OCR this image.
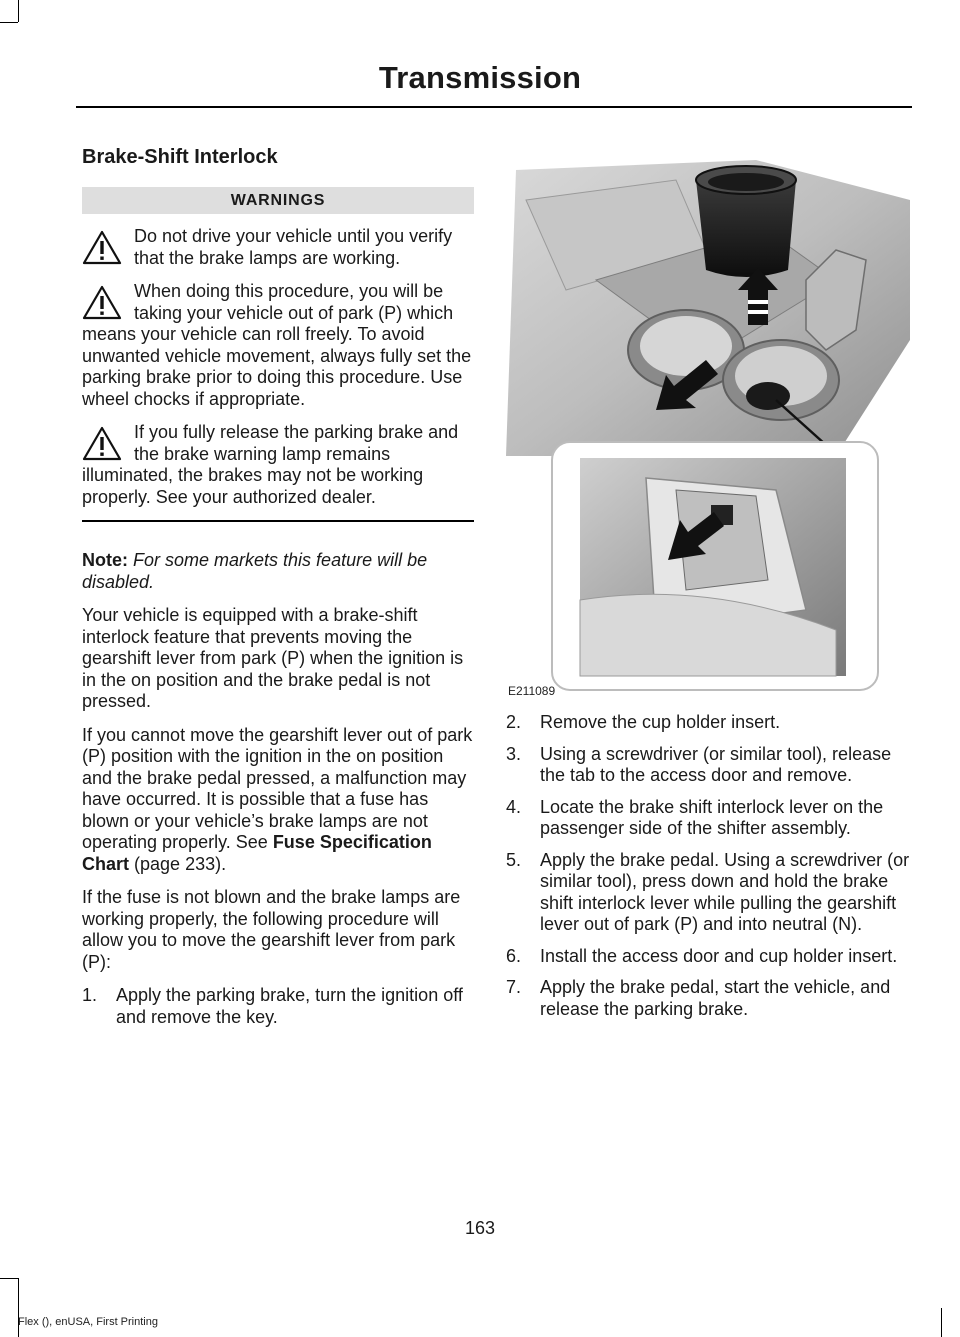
Transmission
Brake-Shift Interlock
WARNINGS
Do not drive your vehicle until you verify that the brake lamps are working.
When doing this procedure, you will be taking your vehicle out of park (P) which means your vehicle can roll freely. To avoid unwanted vehicle movement, always fully set the parking brake prior to doing this procedure. Use wheel chocks if appropriate.
If you fully release the parking brake and the brake warning lamp remains illuminated, the brakes may not be working properly. See your authorized dealer.

Note: For some markets this feature will be disabled.

Your vehicle is equipped with a brake-shift interlock feature that prevents moving the gearshift lever from park (P) when the ignition is in the on position and the brake pedal is not pressed.

If you cannot move the gearshift lever out of park (P) position with the ignition in the on position and the brake pedal pressed, a malfunction may have occurred. It is possible that a fuse has blown or your vehicle’s brake lamps are not operating properly. See Fuse Specification Chart (page 233).

If the fuse is not blown and the brake lamps are working properly, the following procedure will allow you to move the gearshift lever from park (P):

1. Apply the parking brake, turn the ignition off and remove the key.
E211089
2. Remove the cup holder insert.
3. Using a screwdriver (or similar tool), release the tab to the access door and remove.
4. Locate the brake shift interlock lever on the passenger side of the shifter assembly.
5. Apply the brake pedal. Using a screwdriver (or similar tool), press down and hold the brake shift interlock lever while pulling the gearshift lever out of park (P) and into neutral (N).
6. Install the access door and cup holder insert.
7. Apply the brake pedal, start the vehicle, and release the parking brake.
163
Flex (), enUSA, First Printing
